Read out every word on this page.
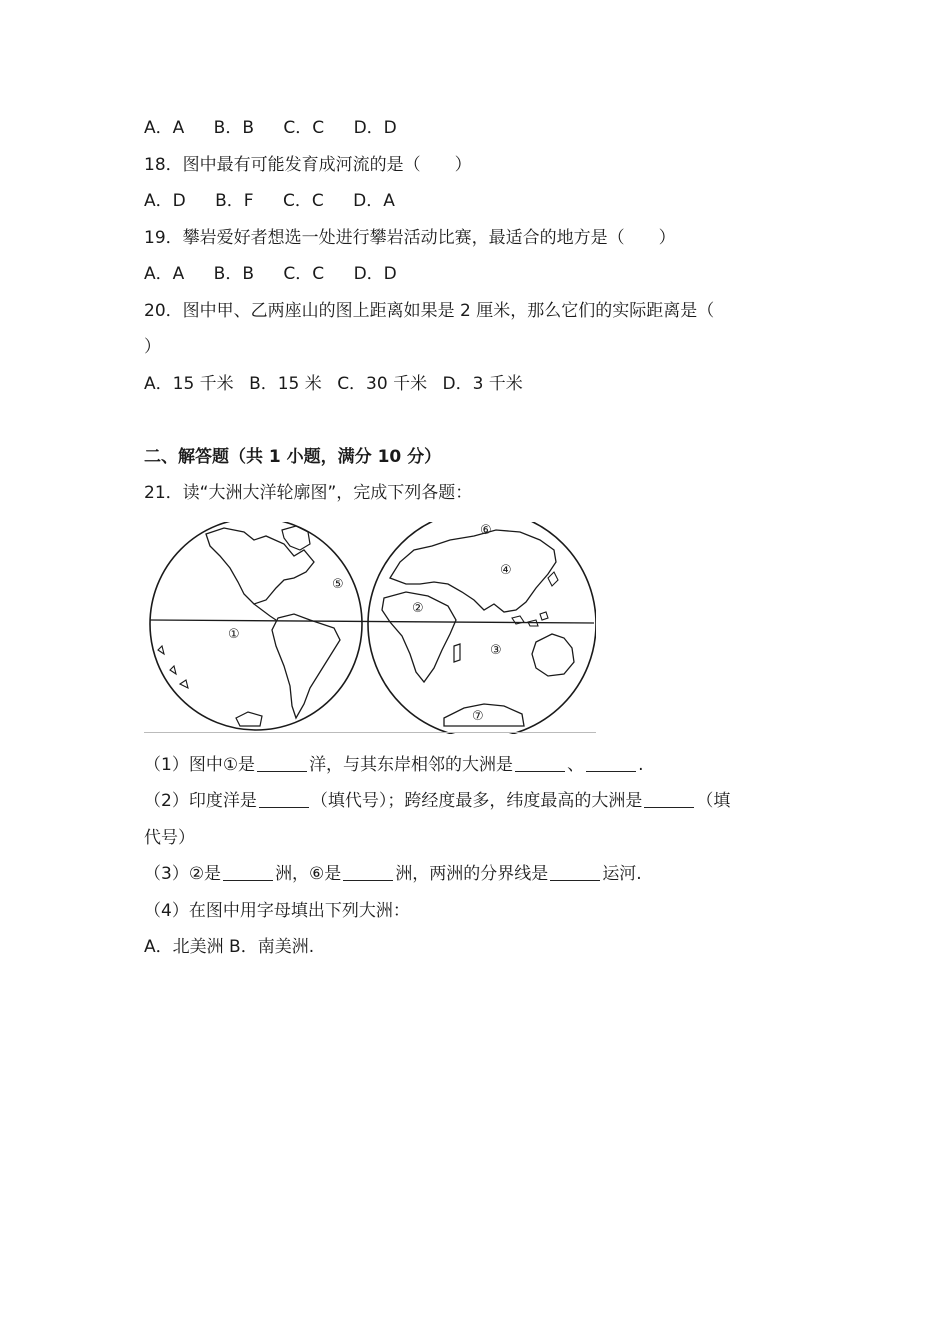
A．A B．B C．C D．D
18．图中最有可能发育成河流的是（　　）
A．D B．F C．C D．A
19．攀岩爱好者想选一处进行攀岩活动比赛，最适合的地方是（　　）
A．A B．B C．C D．D
20．图中甲、乙两座山的图上距离如果是 2 厘米，那么它们的实际距离是（
）
A．15 千米 B．15 米 C．30 千米 D．3 千米
二、解答题（共 1 小题，满分 10 分）
21．读“大洲大洋轮廓图”，完成下列各题：
①
②
③
④
⑤
⑥
⑦
（1）图中①是	洋，与其东岸相邻的大洲是	、	.
（2）印度洋是	（填代号）；跨经度最多，纬度最高的大洲是	（填
代号）
（3）②是	洲，⑥是	洲，两洲的分界线是	运河.
（4）在图中用字母填出下列大洲：
A．北美洲 B．南美洲.
